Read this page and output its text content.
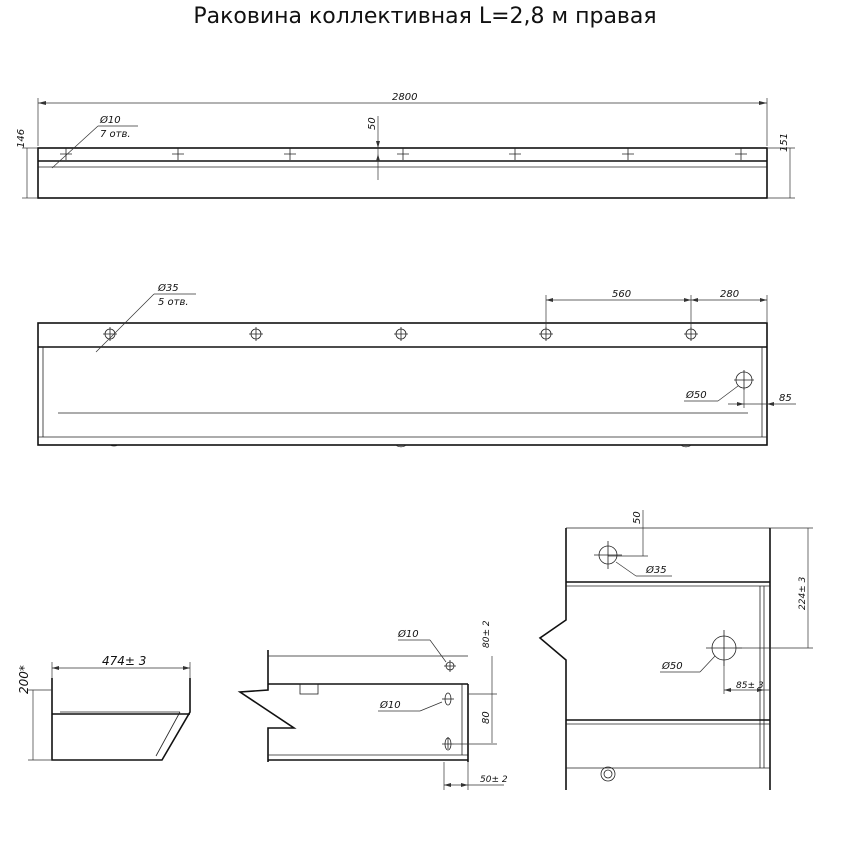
Раковина коллективная L=2,8 м правая
2800
Ø10
7 отв.
50
146	151
Ø35
5 отв.
560	280
Ø50	85
474± 3
200*
Ø10
Ø10
80± 2
80
50± 2
50
Ø35
Ø50
224± 3
85± 3
